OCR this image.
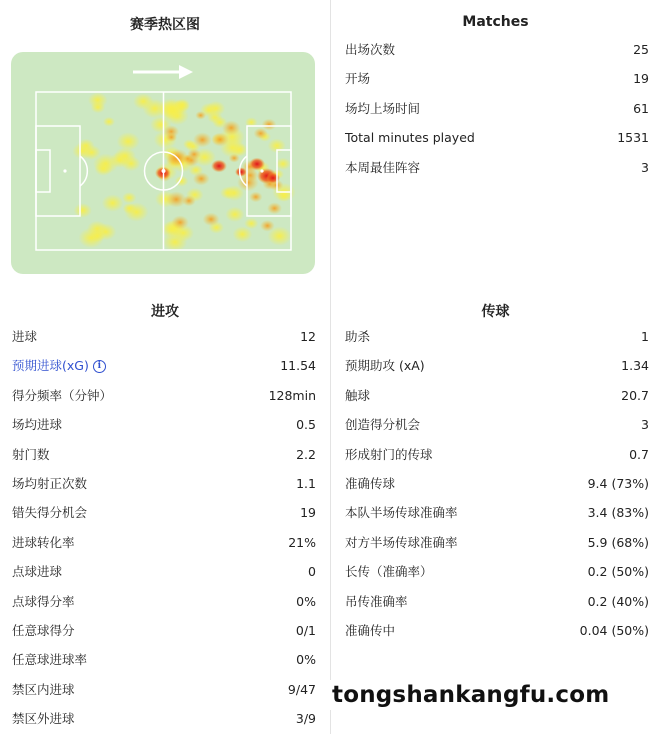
赛季热区图
进攻
进球	12
预期进球(xG) i	11.54
得分频率（分钟）	128min
场均进球	0.5
射门数	2.2
场均射正次数	1.1
错失得分机会	19
进球转化率	21%
点球进球	0
点球得分率	0%
任意球得分	0/1
任意球进球率	0%
禁区内进球	9/47
禁区外进球	3/9
Matches
出场次数	25
开场	19
场均上场时间	61
Total minutes played	1531
本周最佳阵容	3
传球
助杀	1
预期助攻 (xA)	1.34
触球	20.7
创造得分机会	3
形成射门的传球	0.7
准确传球	9.4 (73%)
本队半场传球准确率	3.4 (83%)
对方半场传球准确率	5.9 (68%)
长传（准确率）	0.2 (50%)
吊传准确率	0.2 (40%)
准确传中	0.04 (50%)
tongshankangfu.com
